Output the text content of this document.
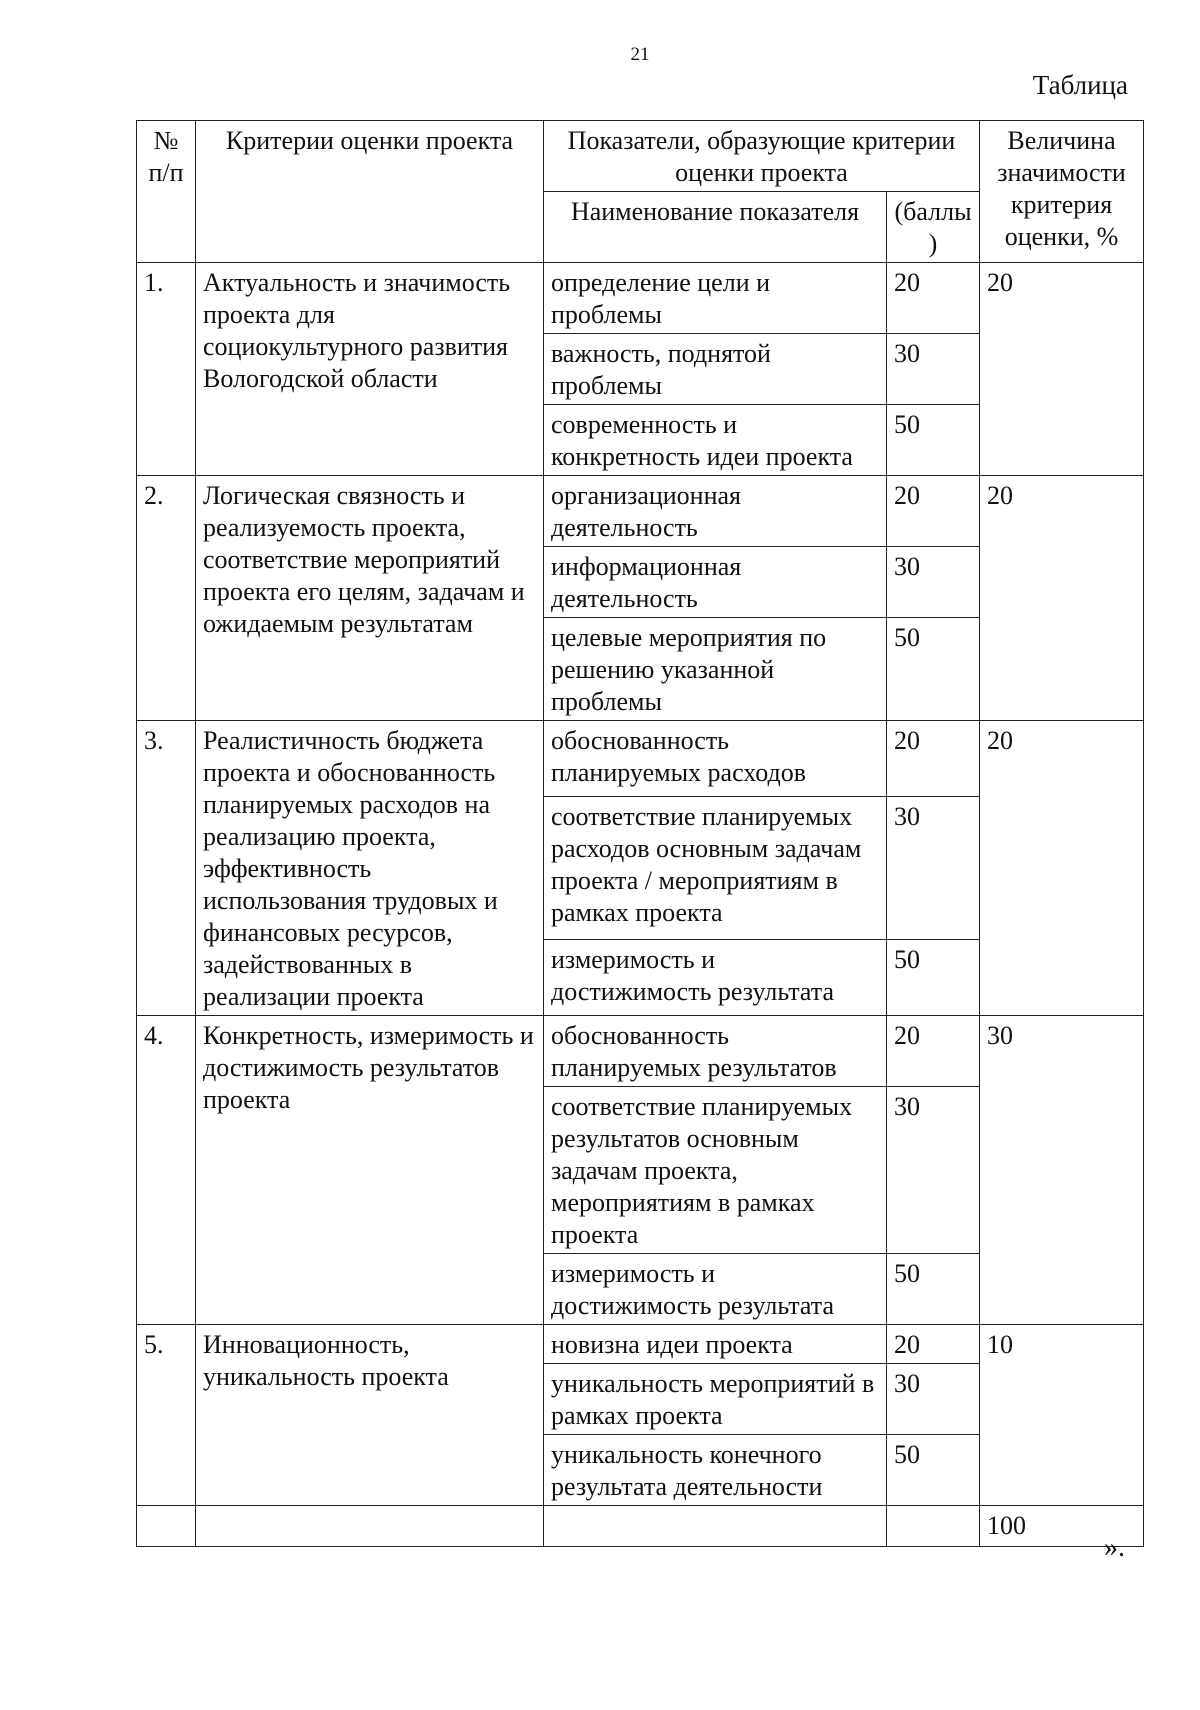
21
Таблица
№ п/п	Критерии оценки проекта	Показатели, образующие критерии оценки проекта		Величина значимости критерия оценки, %
		Наименование показателя	(баллы)	
1.	Актуальность и значимость проекта для социокультурного развития Вологодской области	определение цели и проблемы	20	20
		важность, поднятой проблемы	30	
		современность и конкретность идеи проекта	50	
2.	Логическая связность и реализуемость проекта, соответствие мероприятий проекта его целям, задачам и ожидаемым результатам	организационная деятельность	20	20
		информационная деятельность	30	
		целевые мероприятия по решению указанной проблемы	50	
3.	Реалистичность бюджета проекта и обоснованность планируемых расходов на реализацию проекта, эффективность использования трудовых и финансовых ресурсов, задействованных в реализации проекта	обоснованность планируемых расходов	20	20
		соответствие планируемых расходов основным задачам проекта / мероприятиям в рамках проекта	30	
		измеримость и достижимость результата	50	
4.	Конкретность, измеримость и достижимость результатов проекта	обоснованность планируемых результатов	20	30
		соответствие планируемых результатов основным задачам проекта, мероприятиям в рамках проекта	30	
		измеримость и достижимость результата	50	
5.	Инновационность, уникальность проекта	новизна идеи проекта	20	10
		уникальность мероприятий в рамках проекта	30	
		уникальность конечного результата деятельности	50	
				100
».
